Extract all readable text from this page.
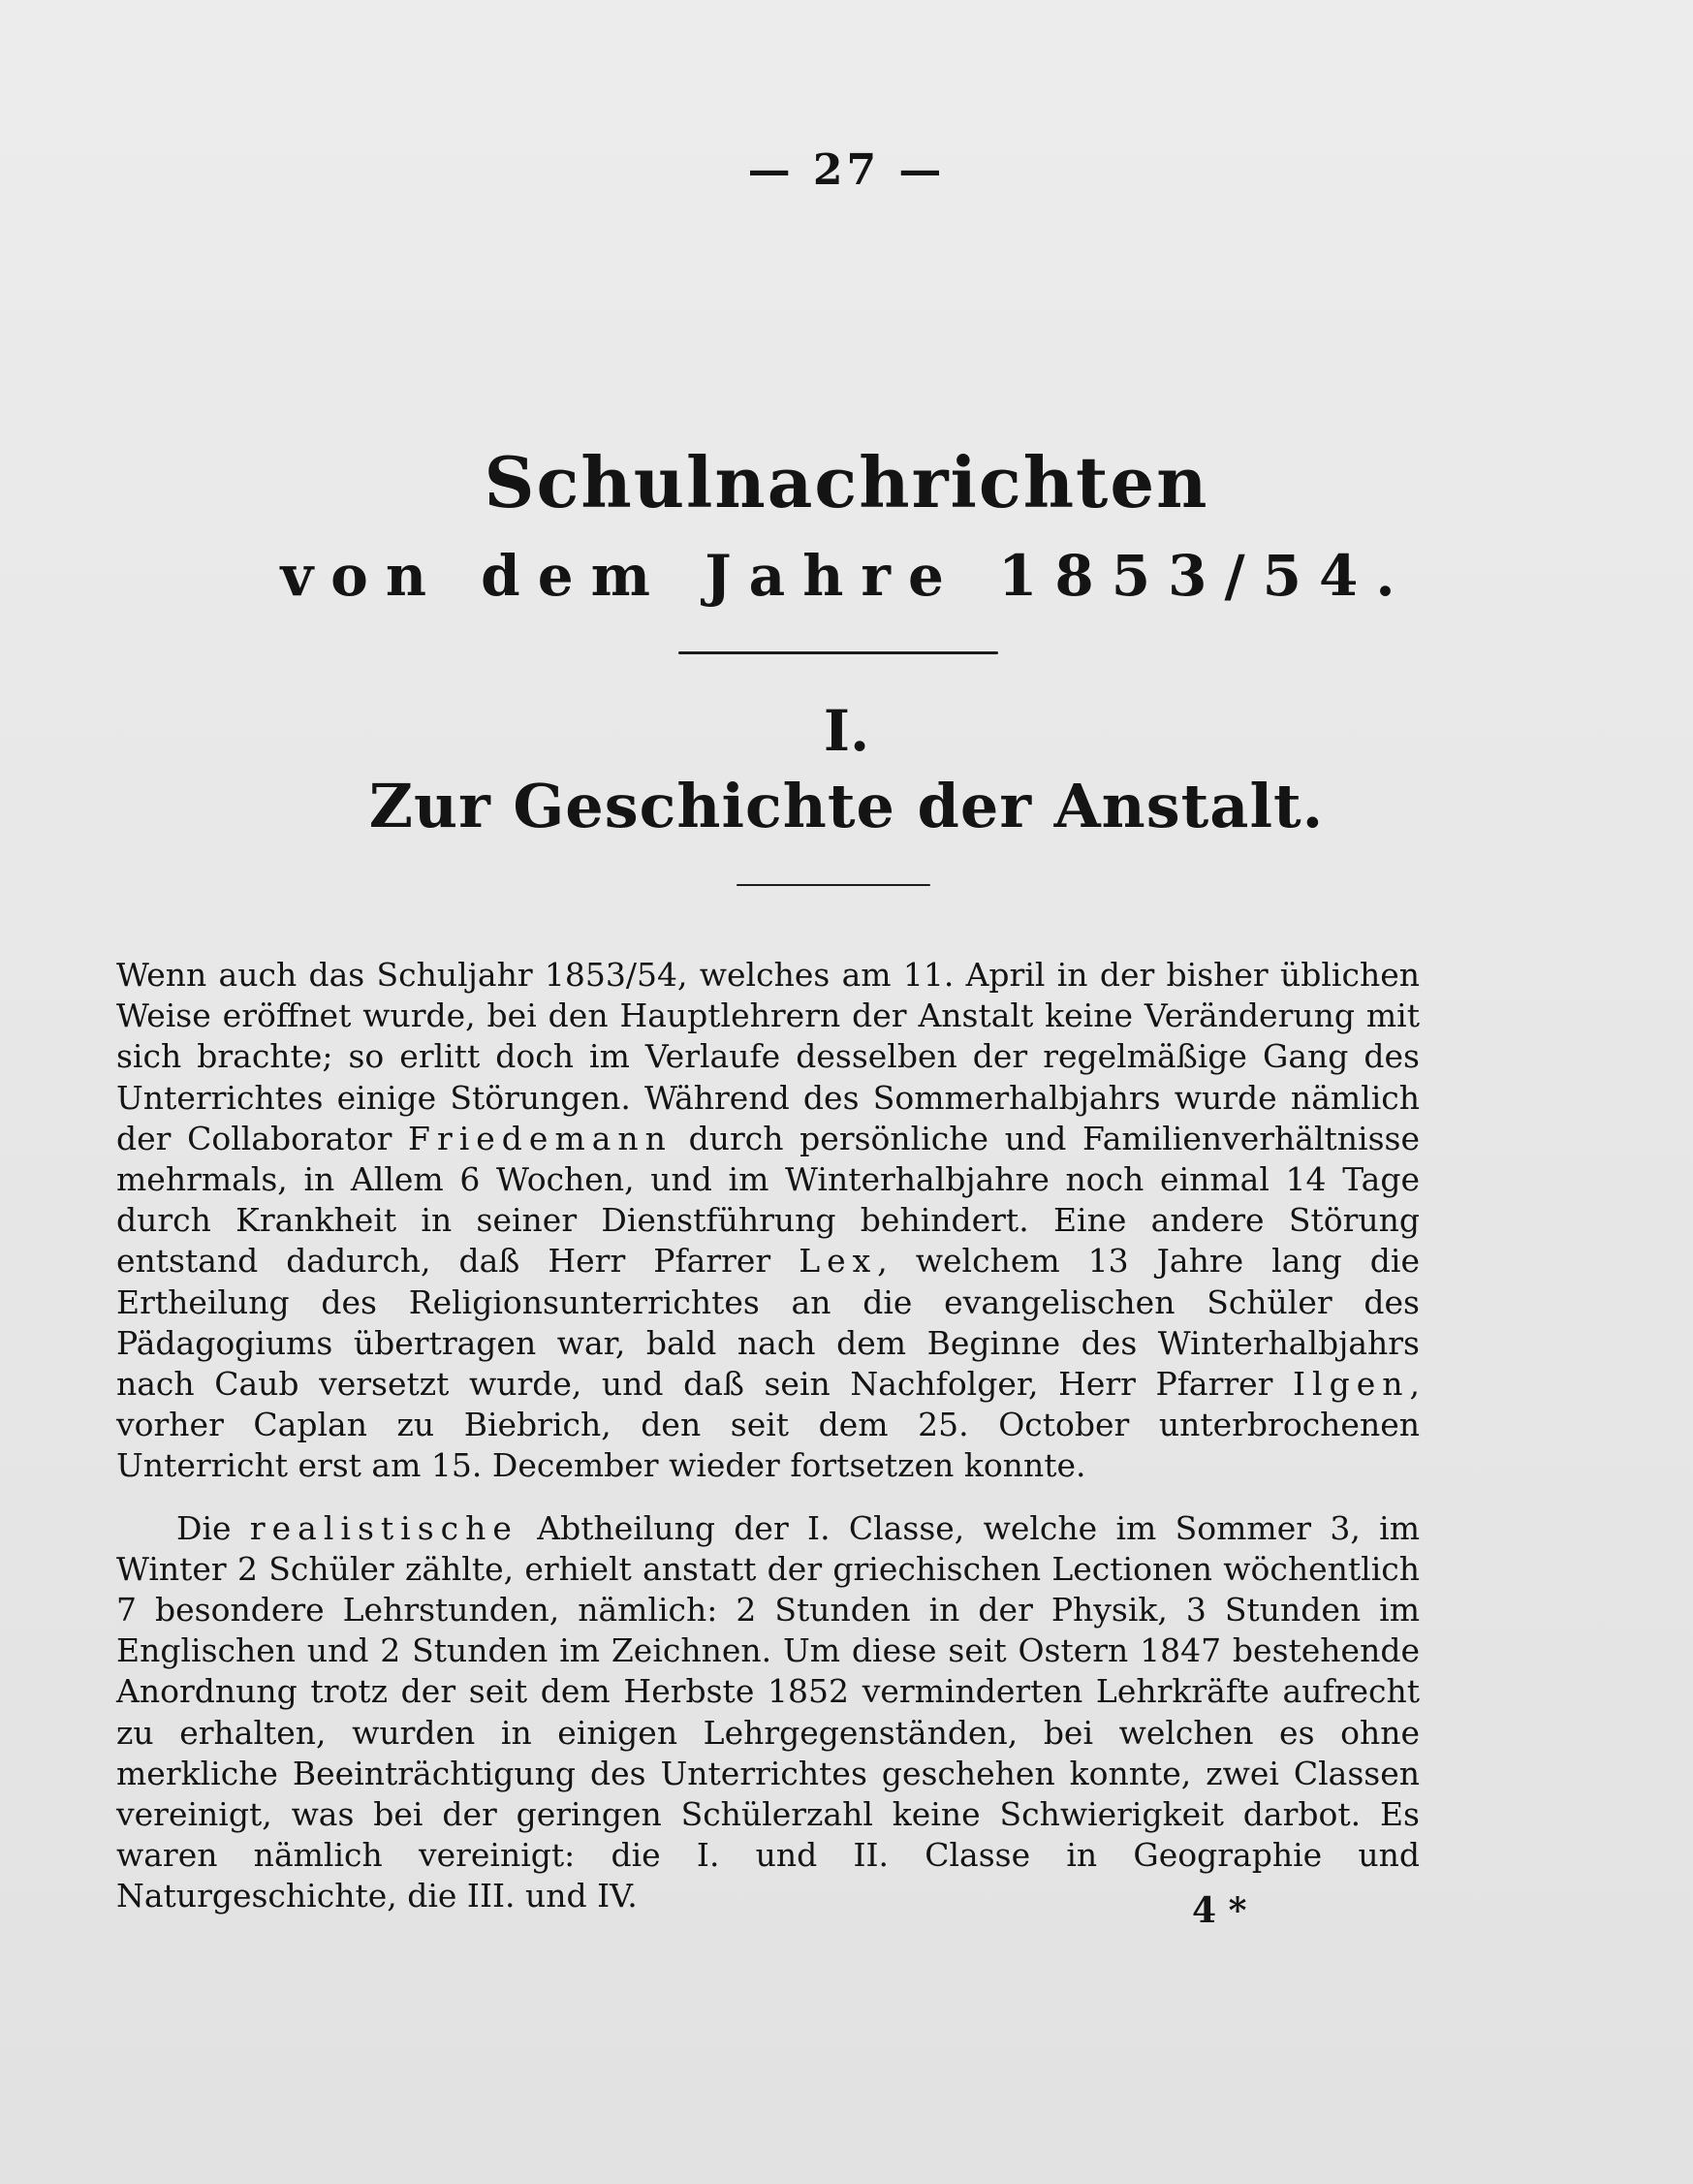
— 27 —
Schulnachrichten
von dem Jahre 1853/54.
I.
Zur Geschichte der Anstalt.

Wenn auch das Schuljahr 1853/54, welches am 11. April in der bisher üblichen Weise eröffnet wurde, bei den Hauptlehrern der Anstalt keine Veränderung mit sich brachte; so erlitt doch im Verlaufe desselben der regelmäßige Gang des Unterrichtes einige Störungen. Während des Sommerhalbjahrs wurde nämlich der Collaborator Friedemann durch persönliche und Familienverhältnisse mehrmals, in Allem 6 Wochen, und im Winterhalbjahre noch einmal 14 Tage durch Krankheit in seiner Dienstführung behindert. Eine andere Störung entstand dadurch, daß Herr Pfarrer Lex, welchem 13 Jahre lang die Ertheilung des Religionsunterrichtes an die evangelischen Schüler des Pädagogiums übertragen war, bald nach dem Beginne des Winterhalbjahrs nach Caub versetzt wurde, und daß sein Nachfolger, Herr Pfarrer Ilgen, vorher Caplan zu Biebrich, den seit dem 25. October unterbrochenen Unterricht erst am 15. December wieder fortsetzen konnte.

Die realistische Abtheilung der I. Classe, welche im Sommer 3, im Winter 2 Schüler zählte, erhielt anstatt der griechischen Lectionen wöchentlich 7 besondere Lehrstunden, nämlich: 2 Stunden in der Physik, 3 Stunden im Englischen und 2 Stunden im Zeichnen. Um diese seit Ostern 1847 bestehende Anordnung trotz der seit dem Herbste 1852 verminderten Lehrkräfte aufrecht zu erhalten, wurden in einigen Lehrgegenständen, bei welchen es ohne merkliche Beeinträchtigung des Unterrichtes geschehen konnte, zwei Classen vereinigt, was bei der geringen Schülerzahl keine Schwierigkeit darbot. Es waren nämlich vereinigt: die I. und II. Classe in Geographie und Naturgeschichte, die III. und IV.	4 *
